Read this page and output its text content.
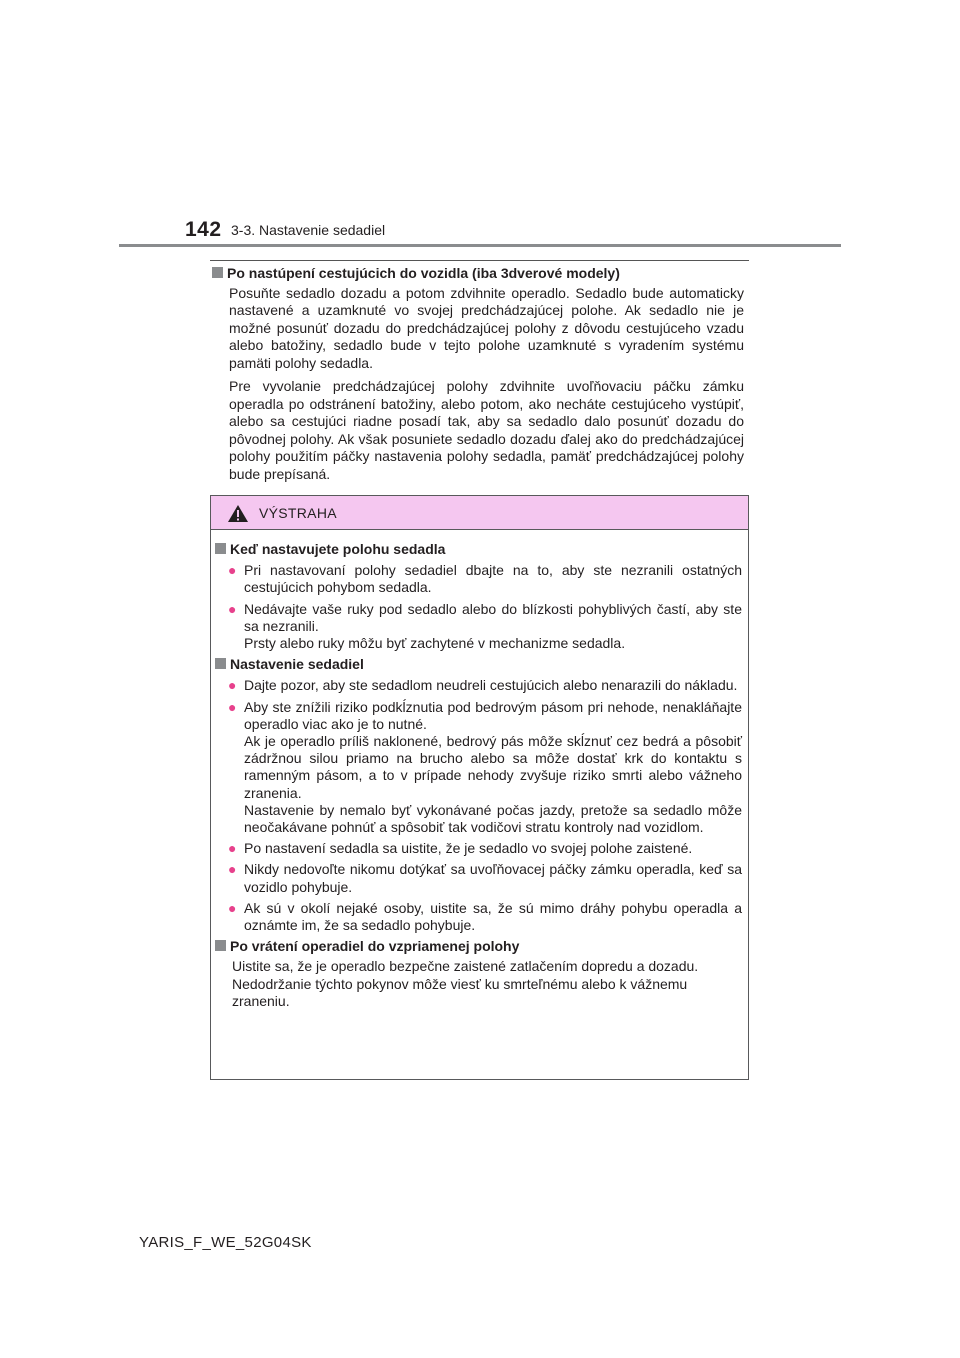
142 3-3. Nastavenie sedadiel

Po nastúpení cestujúcich do vozidla (iba 3dverové modely)

Posuňte sedadlo dozadu a potom zdvihnite operadlo. Sedadlo bude automaticky nastavené a uzamknuté vo svojej predchádzajúcej polohe. Ak sedadlo nie je možné posunúť dozadu do predchádzajúcej polohy z dôvodu cestujúceho vzadu alebo batožiny, sedadlo bude v tejto polohe uzamknuté s vyradením systému pamäti polohy sedadla.

Pre vyvolanie predchádzajúcej polohy zdvihnite uvoľňovaciu páčku zámku operadla po odstránení batožiny, alebo potom, ako necháte cestujúceho vystúpiť, alebo sa cestujúci riadne posadí tak, aby sa sedadlo dalo posunúť dozadu do pôvodnej polohy. Ak však posuniete sedadlo dozadu ďalej ako do predchádzajúcej polohy použitím páčky nastavenia polohy sedadla, pamäť predchádzajúcej polohy bude prepísaná.

VÝSTRAHA

Keď nastavujete polohu sedadla

●
Pri nastavovaní polohy sedadiel dbajte na to, aby ste nezranili ostatných cestujúcich pohybom sedadla.
●
Nedávajte vaše ruky pod sedadlo alebo do blízkosti pohyblivých častí, aby ste sa nezranili.
Prsty alebo ruky môžu byť zachytené v mechanizme sedadla.

Nastavenie sedadiel

●
Dajte pozor, aby ste sedadlom neudreli cestujúcich alebo nenarazili do nákladu.
●
Aby ste znížili riziko podkĺznutia pod bedrovým pásom pri nehode, nenakláňajte operadlo viac ako je to nutné.
Ak je operadlo príliš naklonené, bedrový pás môže skĺznuť cez bedrá a pôsobiť zádržnou silou priamo na brucho alebo sa môže dostať krk do kontaktu s ramenným pásom, a to v prípade nehody zvyšuje riziko smrti alebo vážneho zranenia.
Nastavenie by nemalo byť vykonávané počas jazdy, pretože sa sedadlo môže neočakávane pohnúť a spôsobiť tak vodičovi stratu kontroly nad vozidlom.
●
Po nastavení sedadla sa uistite, že je sedadlo vo svojej polohe zaistené.
●
Nikdy nedovoľte nikomu dotýkať sa uvoľňovacej páčky zámku operadla, keď sa vozidlo pohybuje.
●
Ak sú v okolí nejaké osoby, uistite sa, že sú mimo dráhy pohybu operadla a oznámte im, že sa sedadlo pohybuje.

Po vrátení operadiel do vzpriamenej polohy

Uistite sa, že je operadlo bezpečne zaistené zatlačením dopredu a dozadu. Nedodržanie týchto pokynov môže viesť ku smrteľnému alebo k vážnemu zraneniu.

YARIS_F_WE_52G04SK
